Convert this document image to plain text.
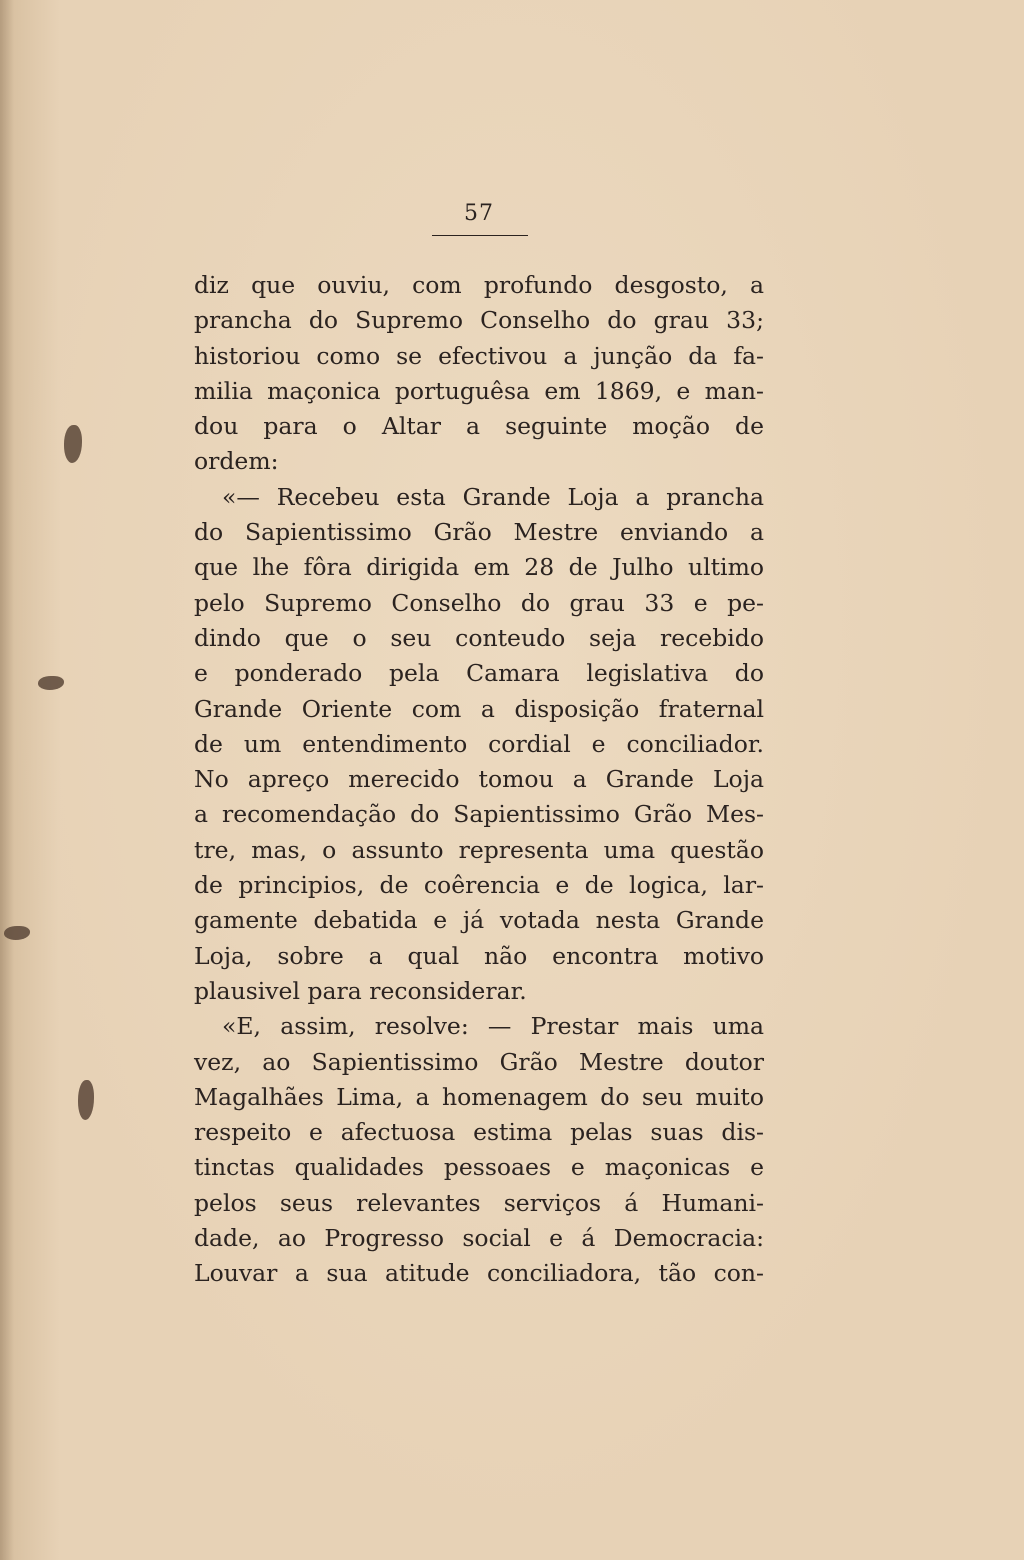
57
diz que ouviu, com profundo desgosto, a
prancha do Supremo Conselho do grau 33;
historiou como se efectivou a junção da fa-
milia maçonica portuguêsa em 1869, e man-
dou para o Altar a seguinte moção de
ordem:
«— Recebeu esta Grande Loja a prancha
do Sapientissimo Grão Mestre enviando a
que lhe fôra dirigida em 28 de Julho ultimo
pelo Supremo Conselho do grau 33 e pe-
dindo que o seu conteudo seja recebido
e ponderado pela Camara legislativa do
Grande Oriente com a disposição fraternal
de um entendimento cordial e conciliador.
No apreço merecido tomou a Grande Loja
a recomendação do Sapientissimo Grão Mes-
tre, mas, o assunto representa uma questão
de principios, de coêrencia e de logica, lar-
gamente debatida e já votada nesta Grande
Loja, sobre a qual não encontra motivo
plausivel para reconsiderar.
«E, assim, resolve: — Prestar mais uma
vez, ao Sapientissimo Grão Mestre doutor
Magalhães Lima, a homenagem do seu muito
respeito e afectuosa estima pelas suas dis-
tinctas qualidades pessoaes e maçonicas e
pelos seus relevantes serviços á Humani-
dade, ao Progresso social e á Democracia:
Louvar a sua atitude conciliadora, tão con-
